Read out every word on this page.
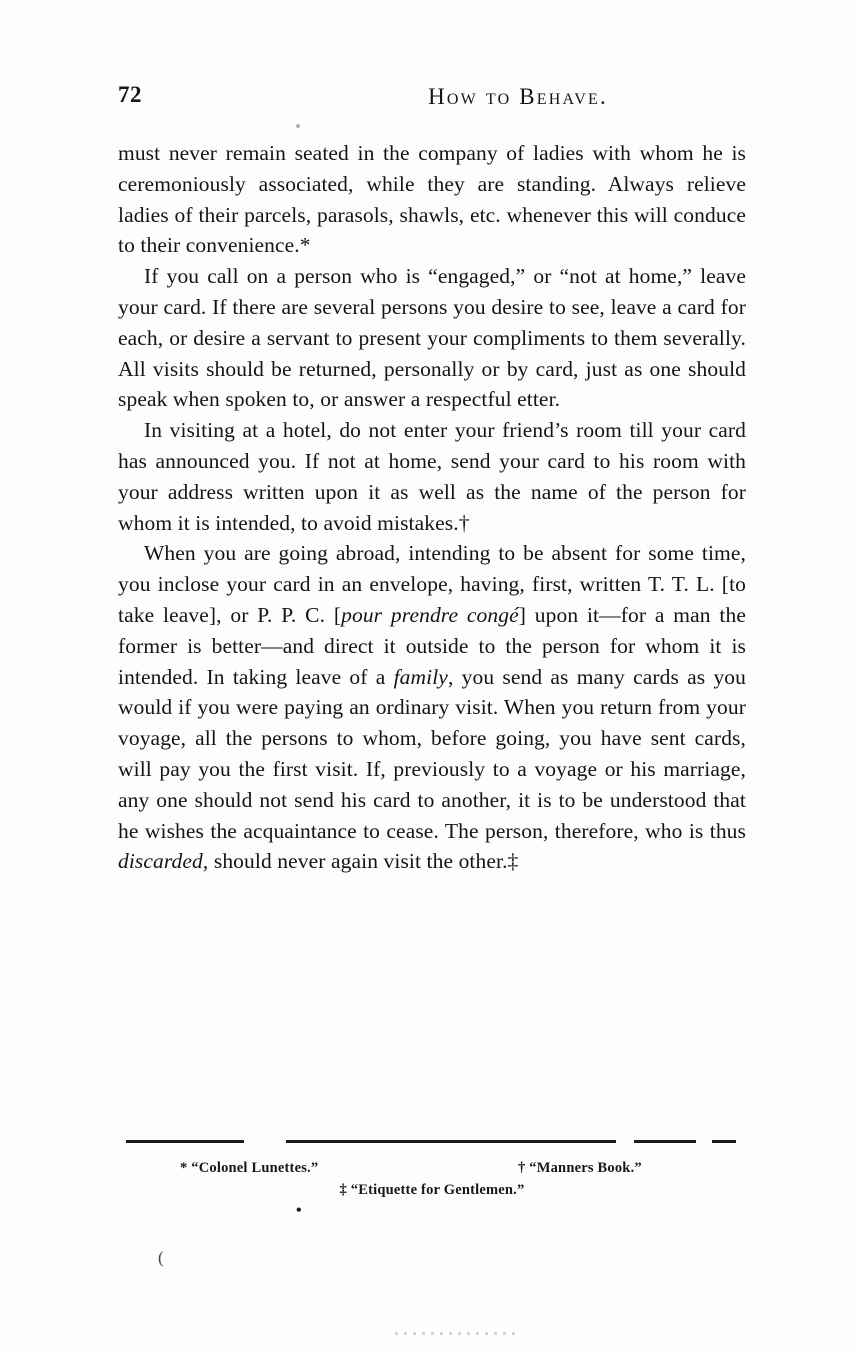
72	How to Behave.

must never remain seated in the company of ladies with whom he is ceremoniously associated, while they are standing. Always relieve ladies of their parcels, parasols, shawls, etc. whenever this will conduce to their convenience.*

If you call on a person who is “engaged,” or “not at home,” leave your card. If there are several persons you desire to see, leave a card for each, or desire a servant to present your compliments to them severally. All visits should be returned, personally or by card, just as one should speak when spoken to, or answer a respectful etter.

In visiting at a hotel, do not enter your friend’s room till your card has announced you. If not at home, send your card to his room with your address written upon it as well as the name of the person for whom it is intended, to avoid mistakes.†

When you are going abroad, intending to be absent for some time, you inclose your card in an envelope, having, first, written T. T. L. [to take leave], or P. P. C. [pour prendre congé] upon it—for a man the former is better—and direct it outside to the person for whom it is intended. In taking leave of a family, you send as many cards as you would if you were paying an ordinary visit. When you return from your voyage, all the persons to whom, before going, you have sent cards, will pay you the first visit. If, previously to a voyage or his marriage, any one should not send his card to another, it is to be understood that he wishes the acquaintance to cease. The person, therefore, who is thus discarded, should never again visit the other.‡

* “Colonel Lunettes.”	† “Manners Book.”
‡ “Etiquette for Gentlemen.”
•
(
